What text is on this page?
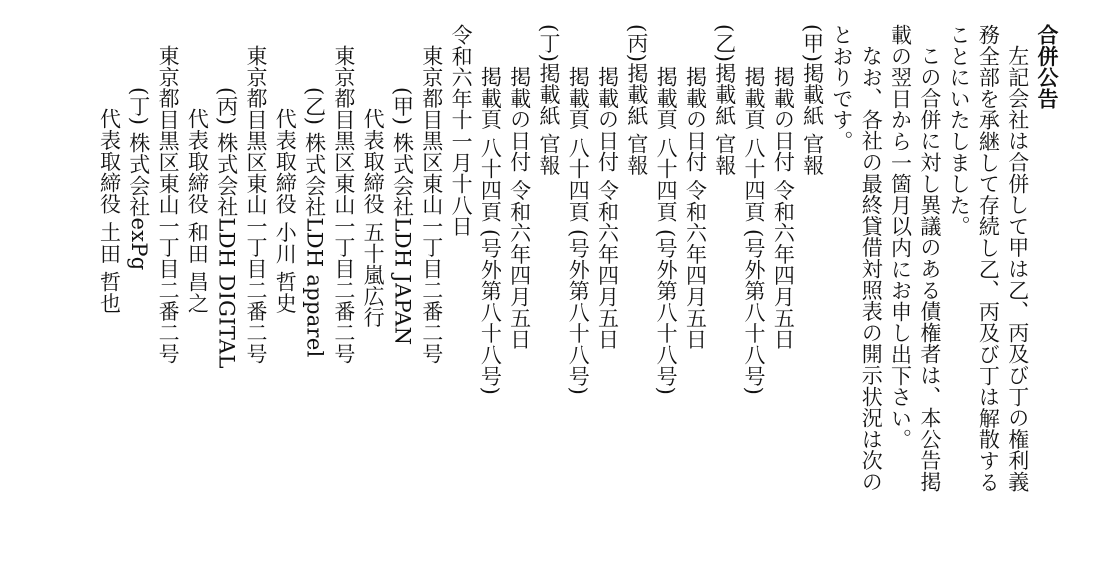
合併公告
左記会社は合併して甲は乙、丙及び丁の権利義
務全部を承継して存続し乙、丙及び丁は解散する
ことにいたしました。
この合併に対し異議のある債権者は、本公告掲
載の翌日から一箇月以内にお申し出下さい。
なお、各社の最終貸借対照表の開示状況は次の
とおりです。
(甲)掲載紙 官報
掲載の日付 令和六年四月五日
掲載頁 八十四頁 (号外第八十八号)
(乙)掲載紙 官報
掲載の日付 令和六年四月五日
掲載頁 八十四頁 (号外第八十八号)
(丙)掲載紙 官報
掲載の日付 令和六年四月五日
掲載頁 八十四頁 (号外第八十八号)
(丁)掲載紙 官報
掲載の日付 令和六年四月五日
掲載頁 八十四頁 (号外第八十八号)
令和六年十一月十八日
東京都目黒区東山一丁目二番二号
(甲) 株式会社LDH JAPAN
代表取締役 五十嵐広行
東京都目黒区東山一丁目二番二号
(乙) 株式会社LDH apparel
代表取締役 小川 哲史
東京都目黒区東山一丁目二番二号
(丙) 株式会社LDH DIGITAL
代表取締役 和田 昌之
東京都目黒区東山一丁目二番二号
(丁) 株式会社exPg
代表取締役 土田 哲也
